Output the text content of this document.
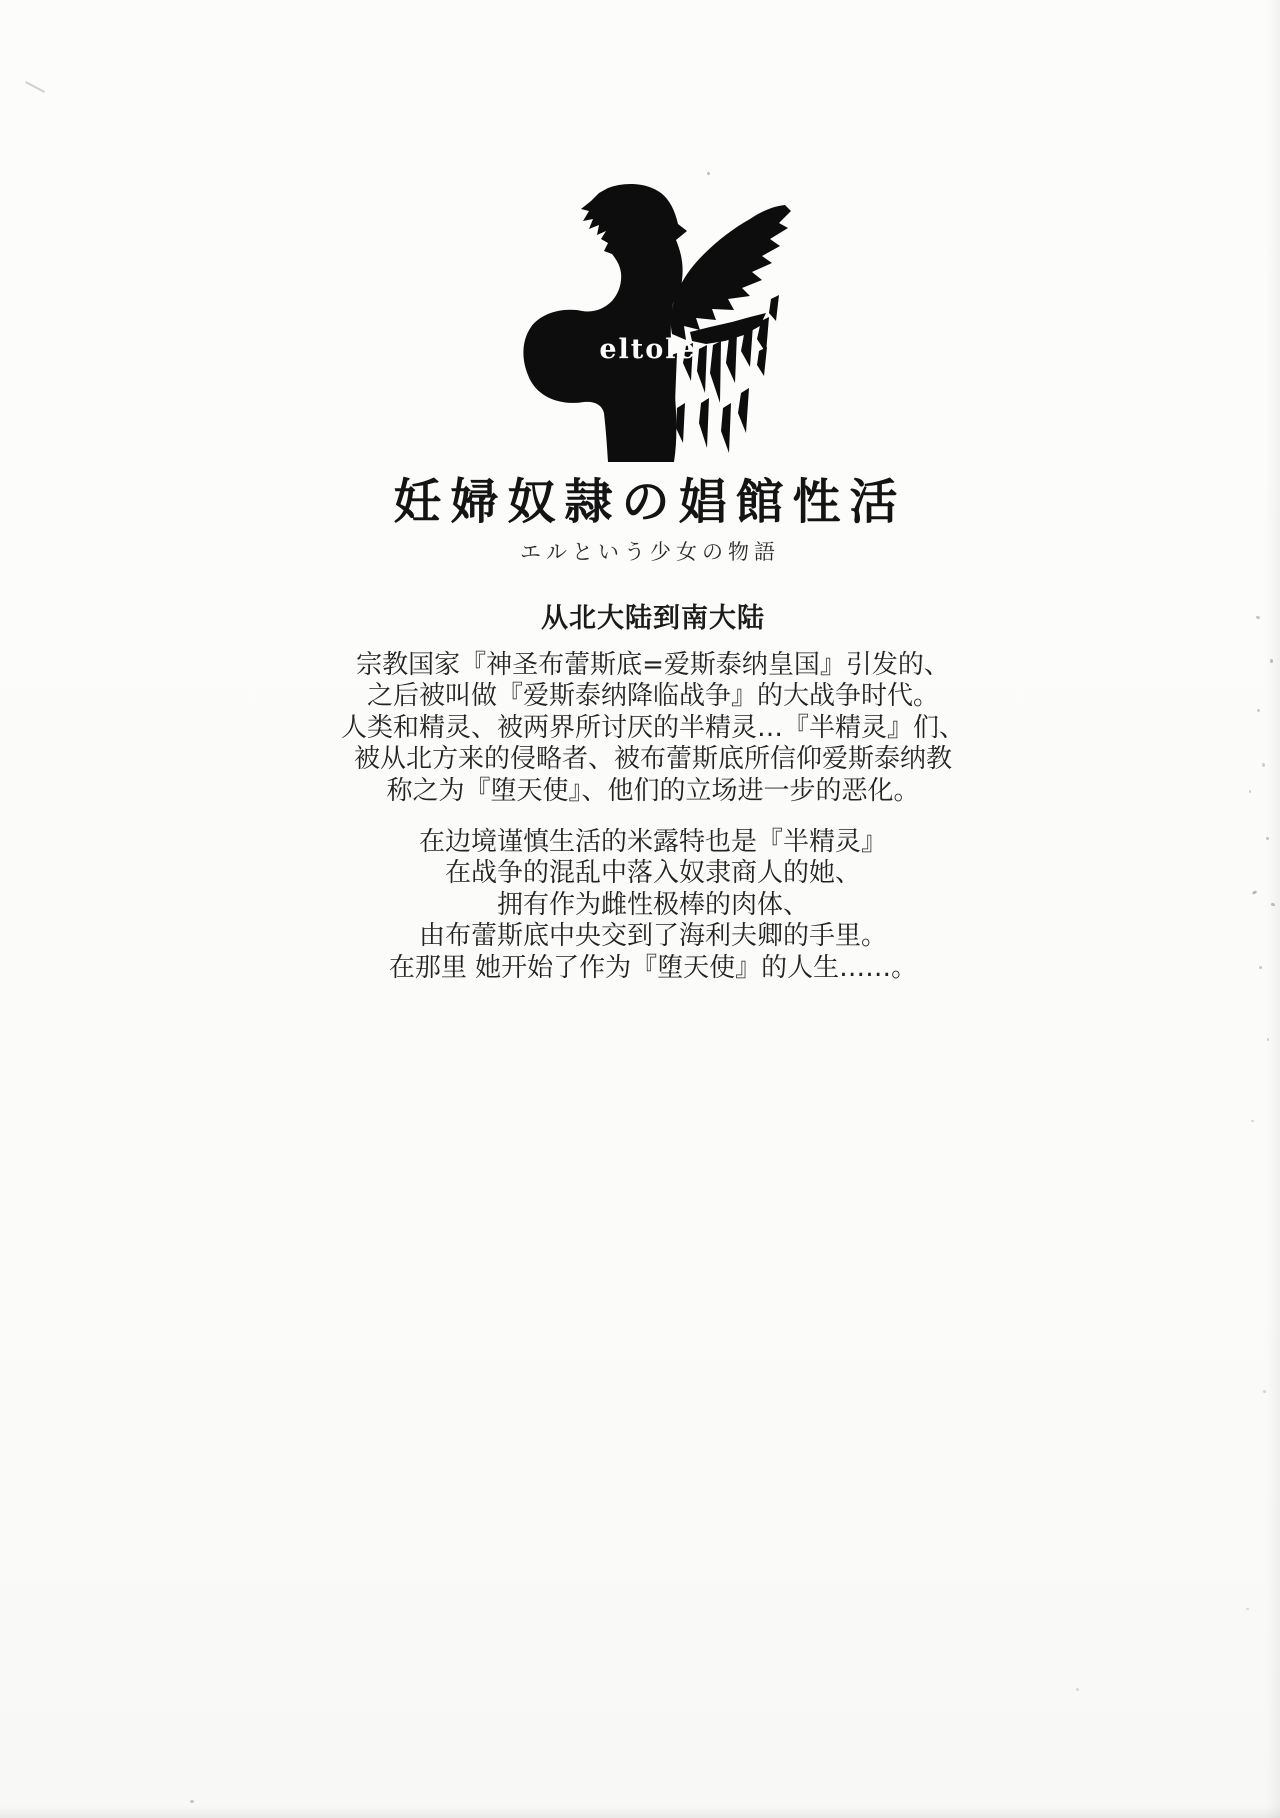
eltole
妊婦奴隷の娼館性活
エルという少女の物語
从北大陆到南大陆

宗教国家『神圣布蕾斯底=爱斯泰纳皇国』引发的、
之后被叫做『爱斯泰纳降临战争』的大战争时代。
人类和精灵、被两界所讨厌的半精灵…『半精灵』们、
被从北方来的侵略者、被布蕾斯底所信仰爱斯泰纳教
称之为『堕天使』、他们的立场进一步的恶化。

在边境谨慎生活的米露特也是『半精灵』
在战争的混乱中落入奴隶商人的她、
拥有作为雌性极棒的肉体、
由布蕾斯底中央交到了海利夫卿的手里。
在那里 她开始了作为『堕天使』的人生……。
